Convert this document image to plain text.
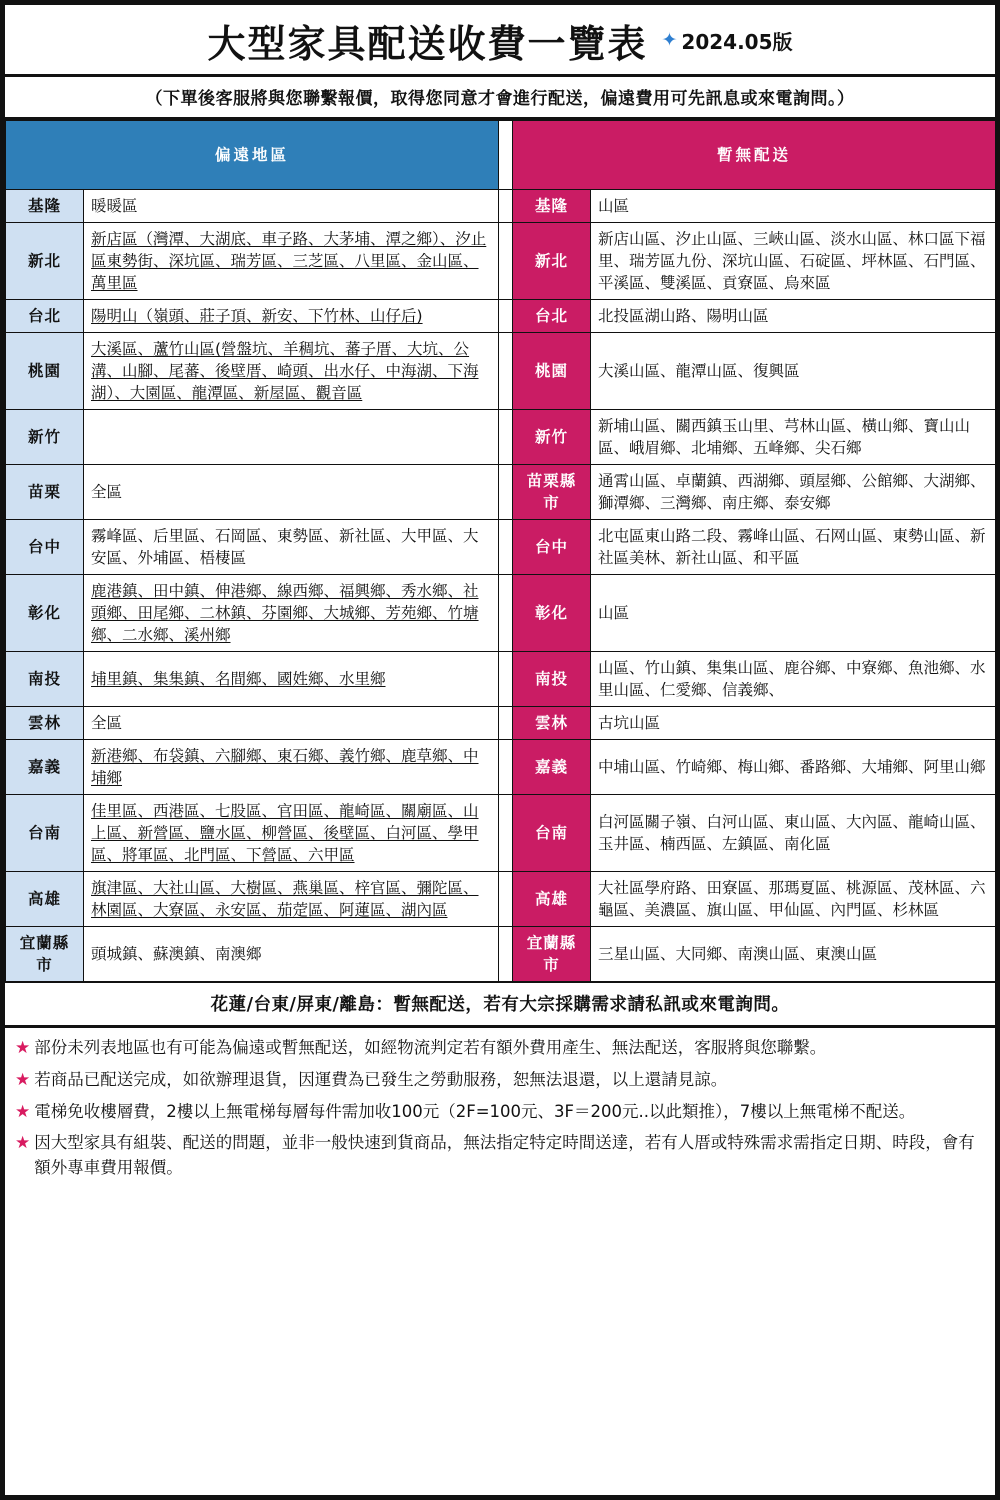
大型家具配送收費一覽表 ✦ 2024.05版
（下單後客服將與您聯繫報價，取得您同意才會進行配送，偏遠費用可先訊息或來電詢問。）
偏遠地區			暫無配送	
基隆	暖暖區		基隆	山區
新北	新店區（灣潭、大湖底、車子路、大茅埔、潭之鄉）、汐止區東勢街、深坑區、瑞芳區、三芝區、八里區、金山區、萬里區		新北	新店山區、汐止山區、三峽山區、淡水山區、林口區下福里、瑞芳區九份、深坑山區、石碇區、坪林區、石門區、平溪區、雙溪區、貢寮區、烏來區
台北	陽明山（嶺頭、莊子頂、新安、下竹林、山仔后)		台北	北投區湖山路、陽明山區
桃園	大溪區、蘆竹山區(營盤坑、羊稠坑、蕃子厝、大坑、公溝、山腳、尾蕃、後壁厝、崎頭、出水仔、中海湖、下海湖）、大園區、龍潭區、新屋區、觀音區		桃園	大溪山區、龍潭山區、復興區
新竹			新竹	新埔山區、關西鎮玉山里、芎林山區、橫山鄉、寶山山區、峨眉鄉、北埔鄉、五峰鄉、尖石鄉
苗栗	全區		苗栗縣市	通霄山區、卓蘭鎮、西湖鄉、頭屋鄉、公館鄉、大湖鄉、獅潭鄉、三灣鄉、南庄鄉、泰安鄉
台中	霧峰區、后里區、石岡區、東勢區、新社區、大甲區、大安區、外埔區、梧棲區		台中	北屯區東山路二段、霧峰山區、石网山區、東勢山區、新社區美林、新社山區、和平區
彰化	鹿港鎮、田中鎮、伸港鄉、線西鄉、福興鄉、秀水鄉、社頭鄉、田尾鄉、二林鎮、芬園鄉、大城鄉、芳苑鄉、竹塘鄉、二水鄉、溪州鄉		彰化	山區
南投	埔里鎮、集集鎮、名間鄉、國姓鄉、水里鄉		南投	山區、竹山鎮、集集山區、鹿谷鄉、中寮鄉、魚池鄉、水里山區、仁愛鄉、信義鄉、
雲林	全區		雲林	古坑山區
嘉義	新港鄉、布袋鎮、六腳鄉、東石鄉、義竹鄉、鹿草鄉、中埔鄉		嘉義	中埔山區、竹崎鄉、梅山鄉、番路鄉、大埔鄉、阿里山鄉
台南	佳里區、西港區、七股區、官田區、龍崎區、關廟區、山上區、新營區、鹽水區、柳營區、後壁區、白河區、學甲區、將軍區、北門區、下營區、六甲區		台南	白河區關子嶺、白河山區、東山區、大內區、龍崎山區、玉井區、楠西區、左鎮區、南化區
高雄	旗津區、大社山區、大樹區、燕巢區、梓官區、彌陀區、 林園區、大寮區、永安區、茄萣區、阿蓮區、湖內區		高雄	大社區學府路、田寮區、那瑪夏區、桃源區、茂林區、六龜區、美濃區、旗山區、甲仙區、內門區、杉林區
宜蘭縣市	頭城鎮、蘇澳鎮、南澳鄉		宜蘭縣市	三星山區、大同鄉、南澳山區、東澳山區
花蓮/台東/屏東/離島：暫無配送，若有大宗採購需求請私訊或來電詢問。
★ 部份未列表地區也有可能為偏遠或暫無配送，如經物流判定若有額外費用產生、無法配送，客服將與您聯繫。
★ 若商品已配送完成，如欲辦理退貨，因運費為已發生之勞動服務，恕無法退還，以上還請見諒。
★ 電梯免收樓層費，2樓以上無電梯每層每件需加收100元（2F=100元、3F＝200元..以此類推），7樓以上無電梯不配送。
★ 因大型家具有組裝、配送的問題，並非一般快速到貨商品，無法指定特定時間送達，若有人厝或特殊需求需指定日期、時段，會有額外專車費用報價。
